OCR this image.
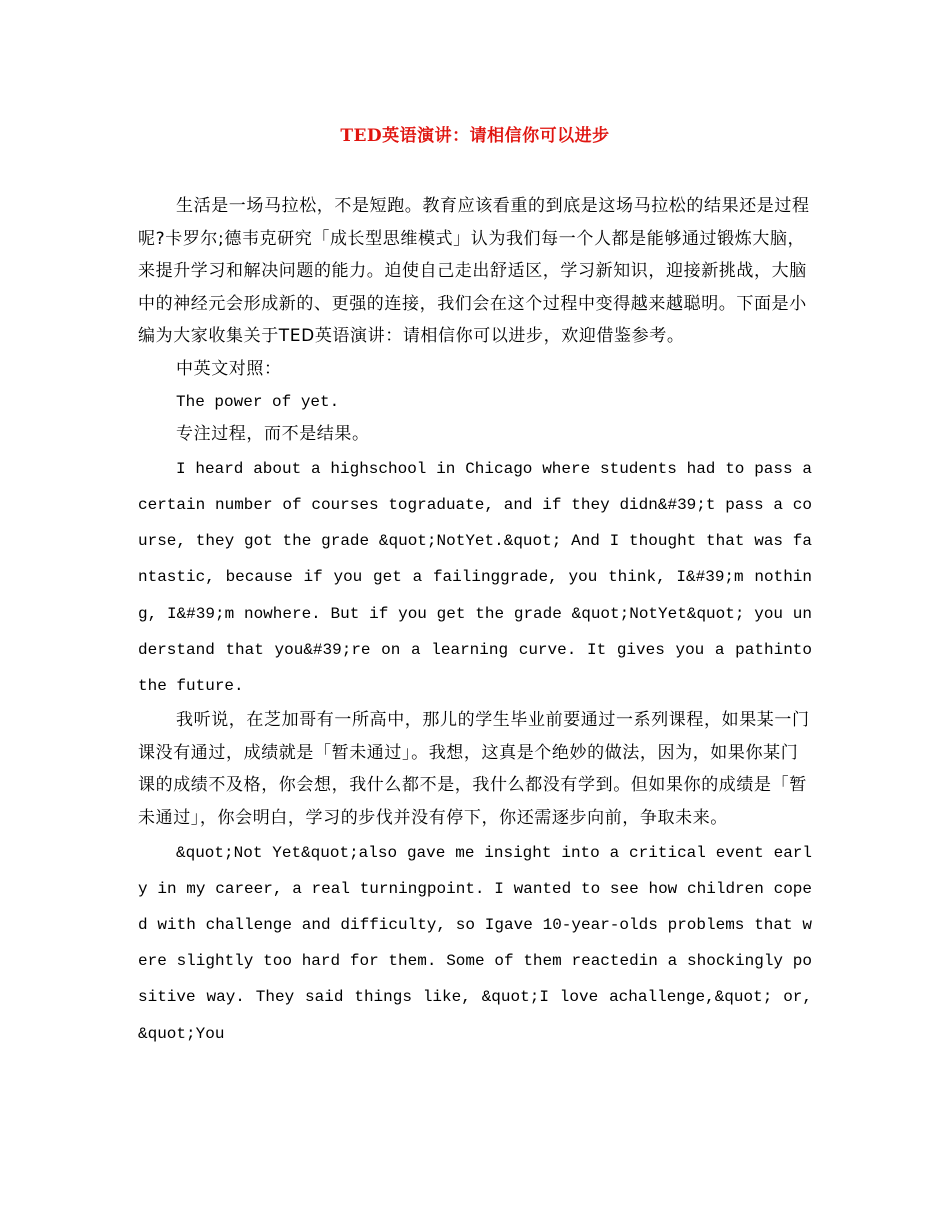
TED英语演讲：请相信你可以进步

生活是一场马拉松，不是短跑。教育应该看重的到底是这场马拉松的结果还是过程呢?卡罗尔;德韦克研究「成长型思维模式」认为我们每一个人都是能够通过锻炼大脑，来提升学习和解决问题的能力。迫使自己走出舒适区，学习新知识，迎接新挑战，大脑中的神经元会形成新的、更强的连接，我们会在这个过程中变得越来越聪明。下面是小编为大家收集关于TED英语演讲：请相信你可以进步，欢迎借鉴参考。

中英文对照：

The power of yet.

专注过程，而不是结果。

I heard about a highschool in Chicago where students had to pass a certain number of courses tograduate, and if they didn&#39;t pass a course, they got the grade &quot;NotYet.&quot; And I thought that was fantastic, because if you get a failinggrade, you think, I&#39;m nothing, I&#39;m nowhere. But if you get the grade &quot;NotYet&quot; you understand that you&#39;re on a learning curve. It gives you a pathinto the future.

我听说，在芝加哥有一所高中，那儿的学生毕业前要通过一系列课程，如果某一门课没有通过，成绩就是「暂未通过」。我想，这真是个绝妙的做法，因为，如果你某门课的成绩不及格，你会想，我什么都不是，我什么都没有学到。但如果你的成绩是「暂未通过」，你会明白，学习的步伐并没有停下，你还需逐步向前，争取未来。

&quot;Not Yet&quot;also gave me insight into a critical event early in my career, a real turningpoint. I wanted to see how children coped with challenge and difficulty, so Igave 10-year-olds problems that were slightly too hard for them. Some of them reactedin a shockingly positive way. They said things like, &quot;I love achallenge,&quot; or, &quot;You
